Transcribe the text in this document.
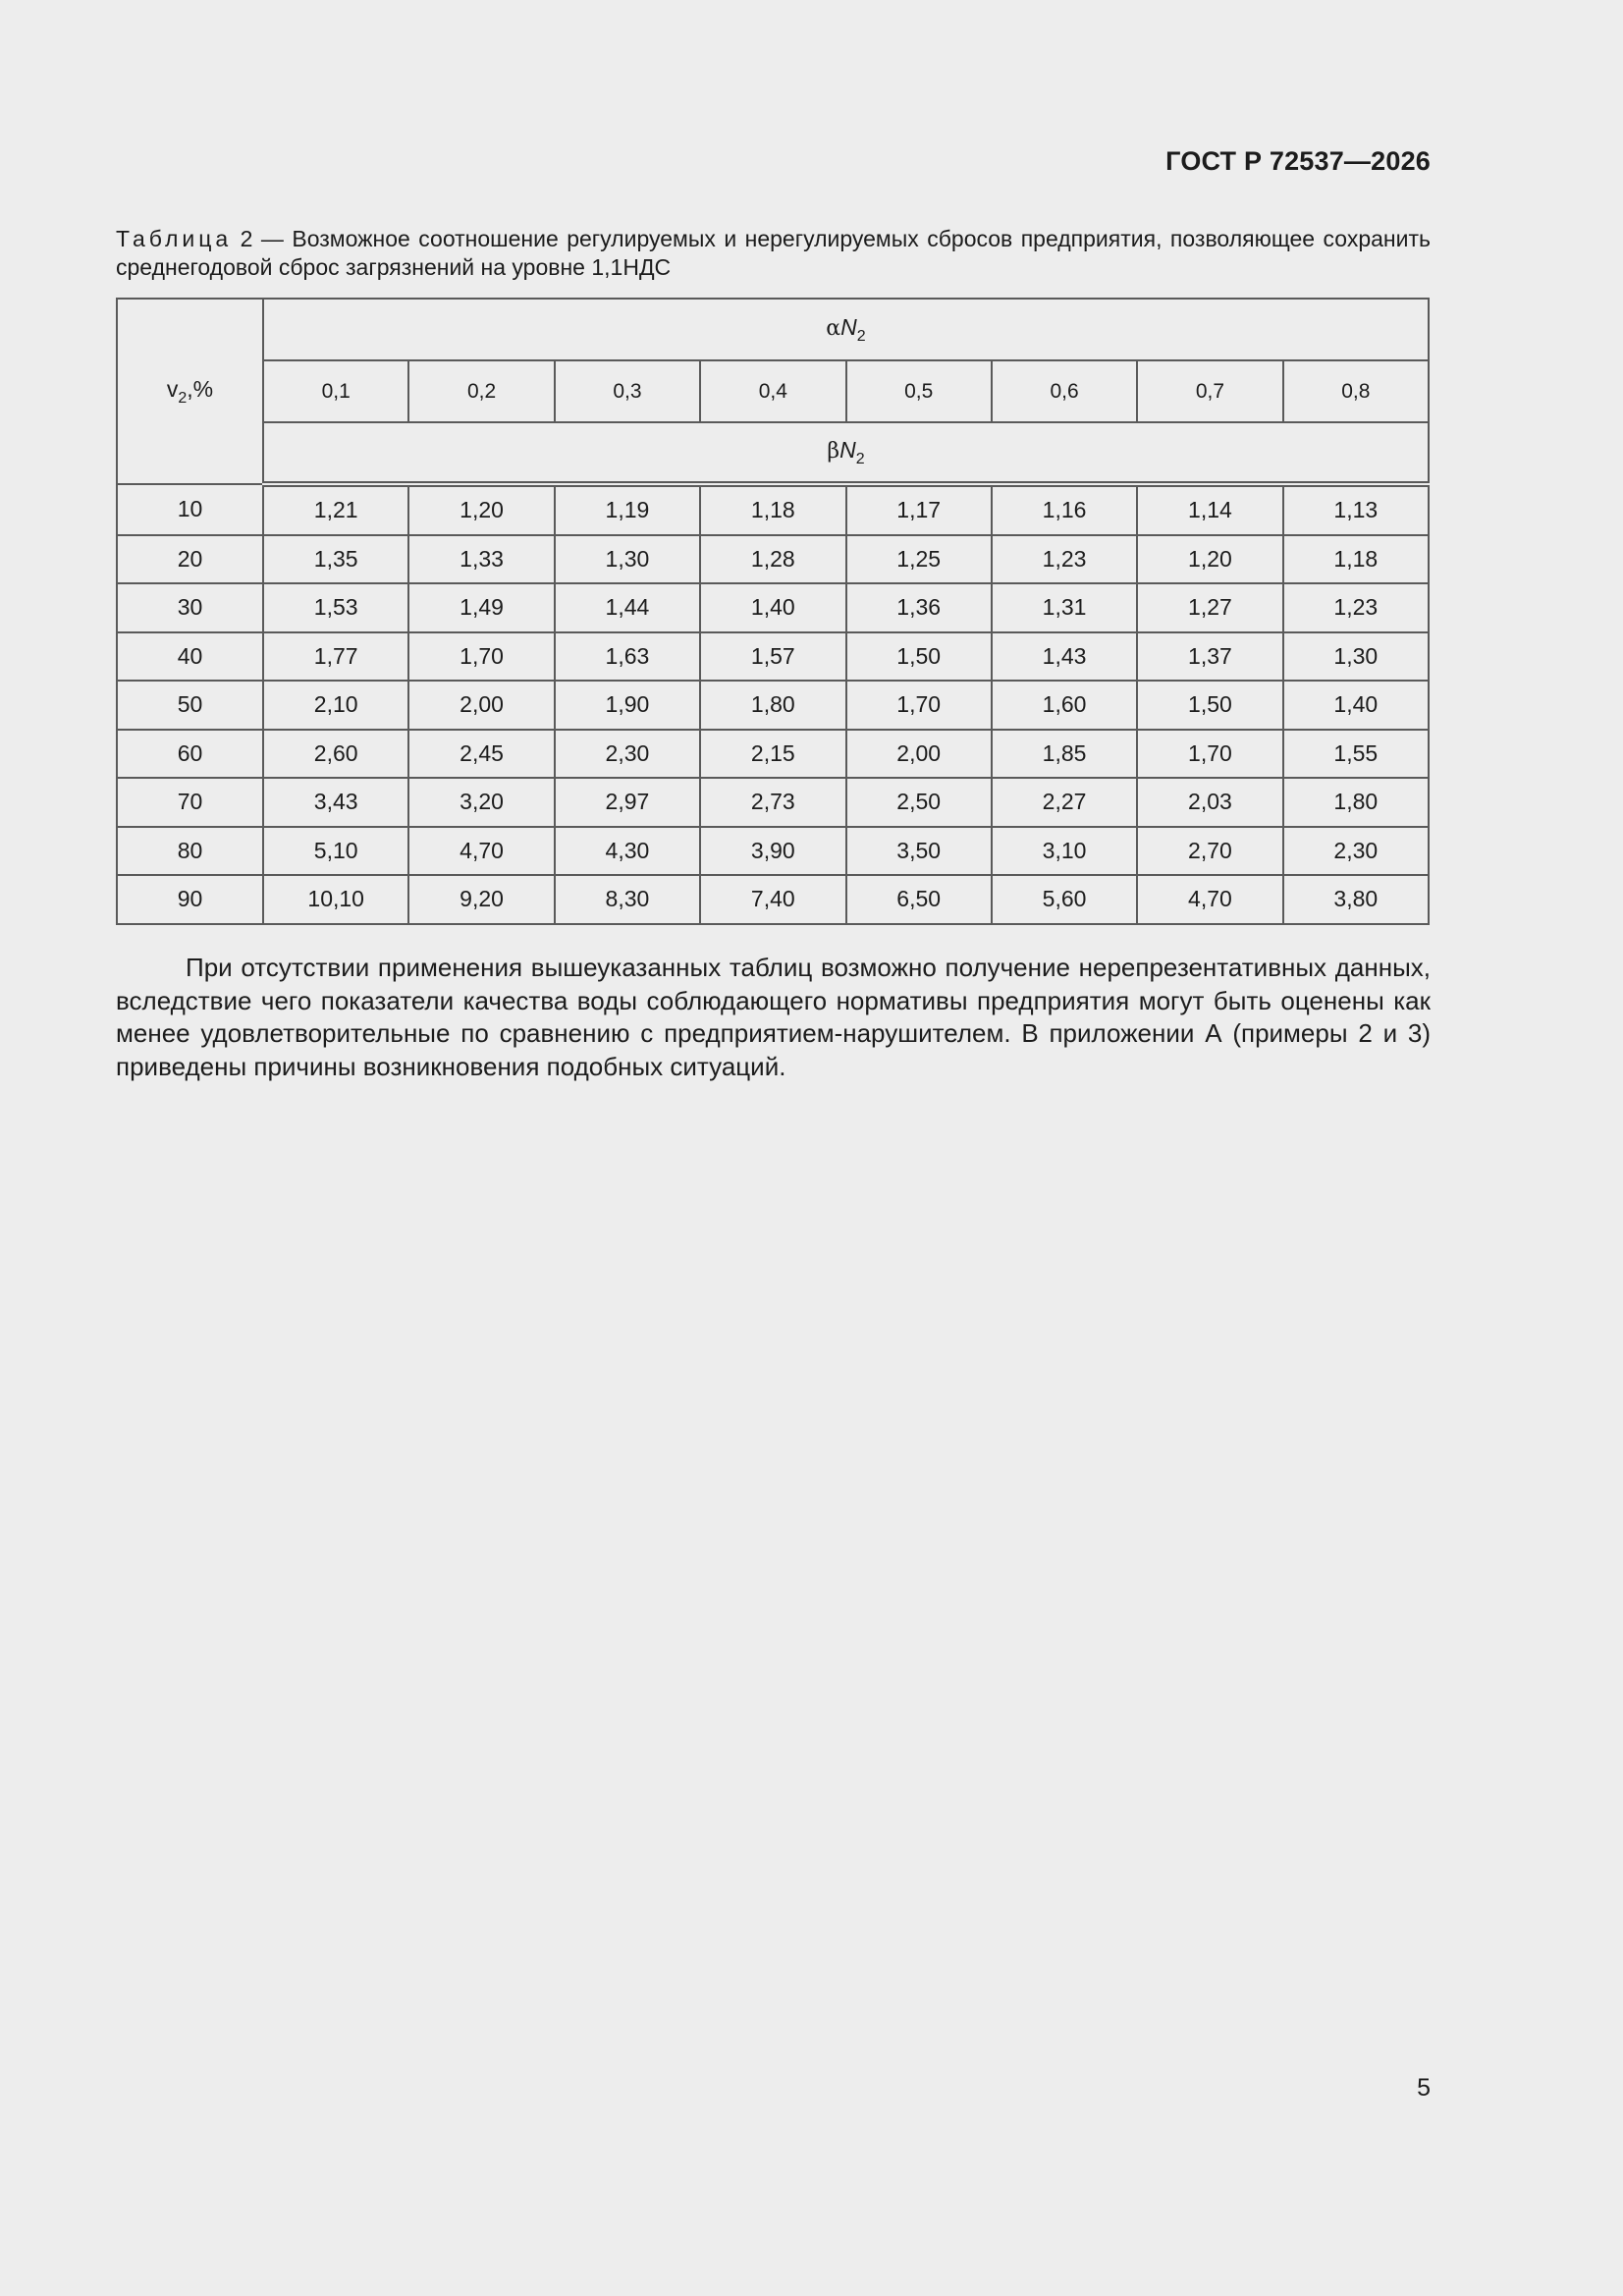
ГОСТ Р 72537—2026
Таблица 2 — Возможное соотношение регулируемых и нерегулируемых сбросов предприятия, позволяющее сохранить среднегодовой сброс загрязнений на уровне 1,1НДС
$v_2,\%$	$\alpha N_2$
	0,1	0,2	0,3	0,4	0,5	0,6	0,7	0,8
	$\beta N_2$
10	1,21	1,20	1,19	1,18	1,17	1,16	1,14	1,13
20	1,35	1,33	1,30	1,28	1,25	1,23	1,20	1,18
30	1,53	1,49	1,44	1,40	1,36	1,31	1,27	1,23
40	1,77	1,70	1,63	1,57	1,50	1,43	1,37	1,30
50	2,10	2,00	1,90	1,80	1,70	1,60	1,50	1,40
60	2,60	2,45	2,30	2,15	2,00	1,85	1,70	1,55
70	3,43	3,20	2,97	2,73	2,50	2,27	2,03	1,80
80	5,10	4,70	4,30	3,90	3,50	3,10	2,70	2,30
90	10,10	9,20	8,30	7,40	6,50	5,60	4,70	3,80
При отсутствии применения вышеуказанных таблиц возможно получение нерепрезентативных данных, вследствие чего показатели качества воды соблюдающего нормативы предприятия могут быть оценены как менее удовлетворительные по сравнению с предприятием-нарушителем. В приложении А (примеры 2 и 3) приведены причины возникновения подобных ситуаций.
5
